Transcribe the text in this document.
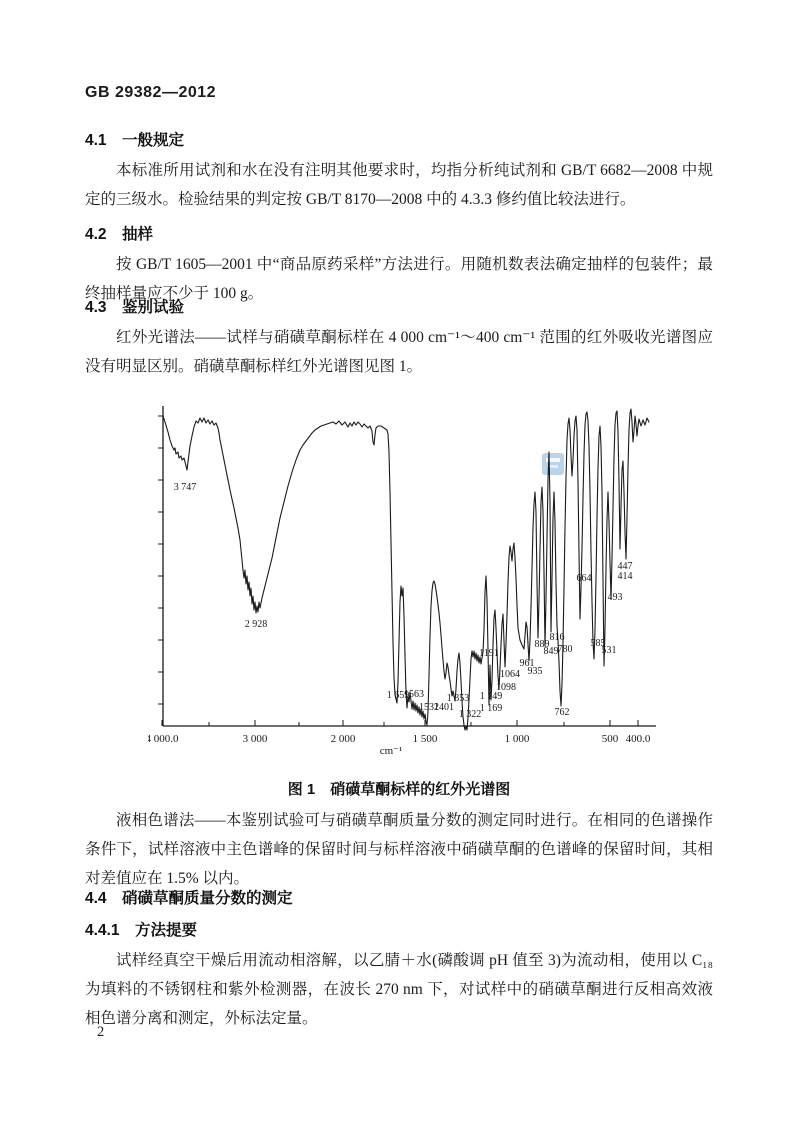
GB 29382—2012
4.1　一般规定
本标准所用试剂和水在没有注明其他要求时，均指分析纯试剂和 GB/T 6682—2008 中规定的三级水。检验结果的判定按 GB/T 8170—2008 中的 4.3.3 修约值比较法进行。
4.2　抽样
按 GB/T 1605—2001 中“商品原药采样”方法进行。用随机数表法确定抽样的包装件；最终抽样量应不少于 100 g。
4.3　鉴别试验
红外光谱法——试样与硝磺草酮标样在 4 000 cm⁻¹～400 cm⁻¹ 范围的红外吸收光谱图应没有明显区别。硝磺草酮标样红外光谱图见图 1。
4 000.0	3 000	2 000	1 500	1 000	500 400.0
cm⁻¹
3 747
2 928
1 659
1563
1532
1401
1 353
1 322
1191
1 149
1 169
1098
1064
961
935
889
849
816
780
762
664
585
531
493
447
414
图 1　硝磺草酮标样的红外光谱图
液相色谱法——本鉴别试验可与硝磺草酮质量分数的测定同时进行。在相同的色谱操作条件下，试样溶液中主色谱峰的保留时间与标样溶液中硝磺草酮的色谱峰的保留时间，其相对差值应在 1.5% 以内。
4.4　硝磺草酮质量分数的测定
4.4.1　方法提要
试样经真空干燥后用流动相溶解，以乙腈＋水(磷酸调 pH 值至 3)为流动相，使用以 C₁₈ 为填料的不锈钢柱和紫外检测器，在波长 270 nm 下，对试样中的硝磺草酮进行反相高效液相色谱分离和测定，外标法定量。
2
